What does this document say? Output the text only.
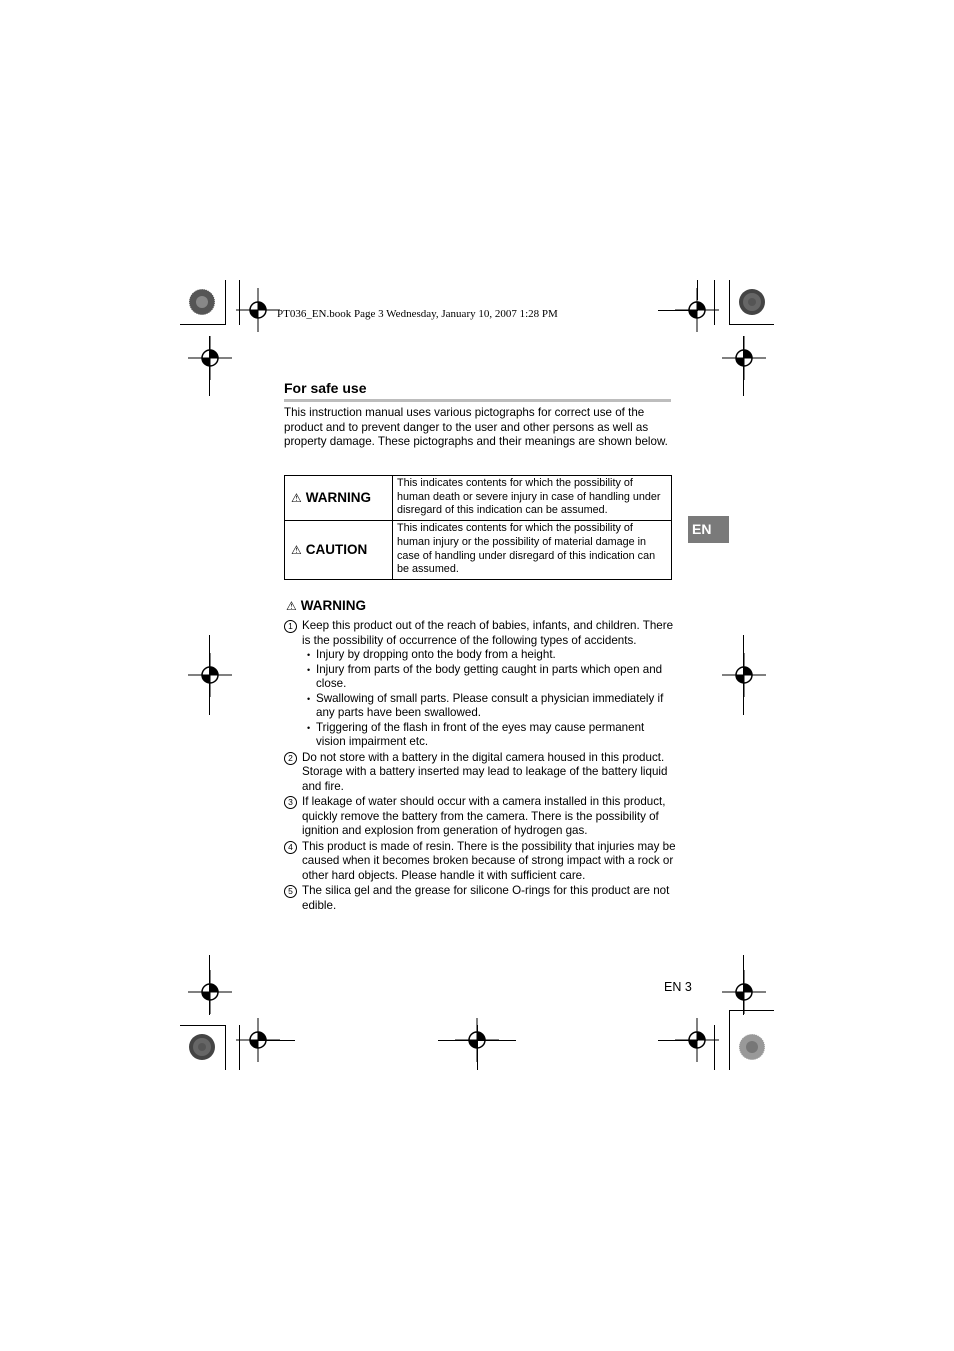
PT036_EN.book Page 3 Wednesday, January 10, 2007 1:28 PM
For safe use
This instruction manual uses various pictographs for correct use of the product and to prevent danger to the user and other persons as well as property damage. These pictographs and their meanings are shown below.
⚠ WARNING	This indicates contents for which the possibility of human death or severe injury in case of handling under disregard of this indication can be assumed.
⚠ CAUTION	This indicates contents for which the possibility of human injury or the possibility of material damage in case of handling under disregard of this indication can be assumed.
⚠ WARNING
1 Keep this product out of the reach of babies, infants, and children. There is the possibility of occurrence of the following types of accidents.
• Injury by dropping onto the body from a height.
• Injury from parts of the body getting caught in parts which open and close.
• Swallowing of small parts. Please consult a physician immediately if any parts have been swallowed.
• Triggering of the flash in front of the eyes may cause permanent vision impairment etc.
2 Do not store with a battery in the digital camera housed in this product. Storage with a battery inserted may lead to leakage of the battery liquid and fire.
3 If leakage of water should occur with a camera installed in this product, quickly remove the battery from the camera. There is the possibility of ignition and explosion from generation of hydrogen gas.
4 This product is made of resin. There is the possibility that injuries may be caused when it becomes broken because of strong impact with a rock or other hard objects. Please handle it with sufficient care.
5 The silica gel and the grease for silicone O-rings for this product are not edible.
EN
EN 3
